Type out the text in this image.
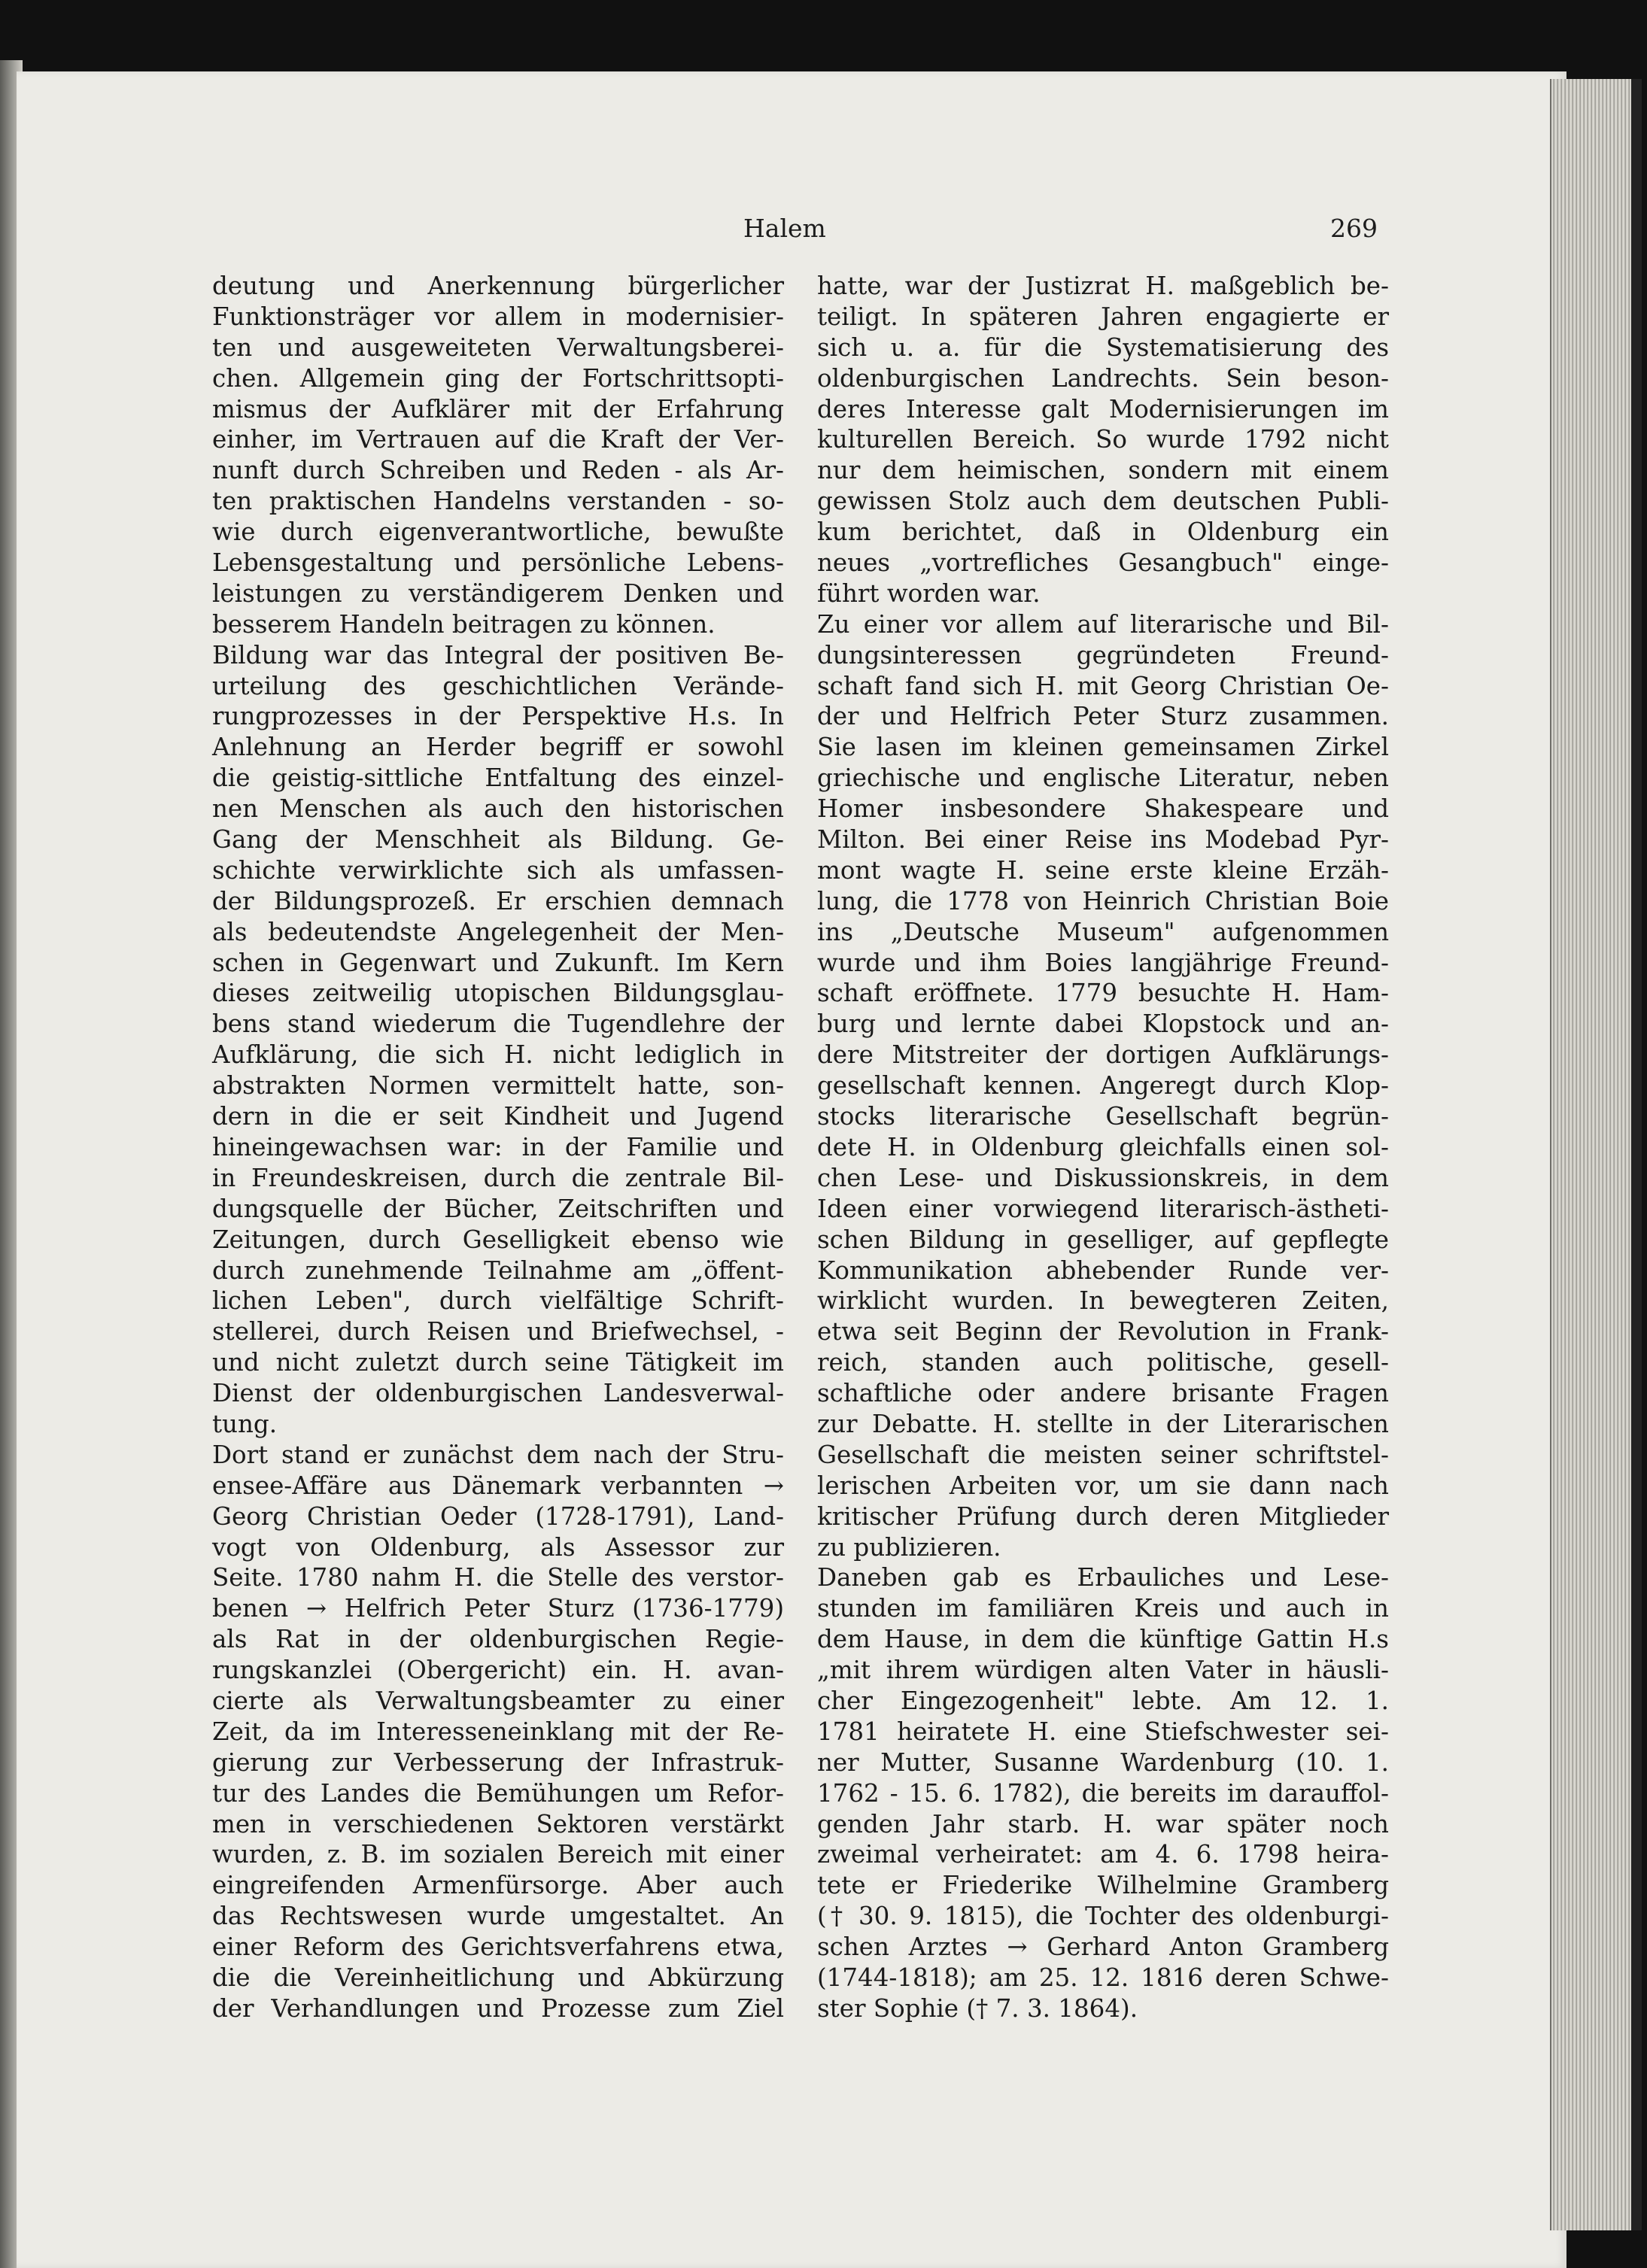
Halem	269
deutung und Anerkennung bürgerlicher
Funktionsträger vor allem in modernisier-
ten und ausgeweiteten Verwaltungsberei-
chen. Allgemein ging der Fortschrittsopti-
mismus der Aufklärer mit der Erfahrung
einher, im Vertrauen auf die Kraft der Ver-
nunft durch Schreiben und Reden - als Ar-
ten praktischen Handelns verstanden - so-
wie durch eigenverantwortliche, bewußte
Lebensgestaltung und persönliche Lebens-
leistungen zu verständigerem Denken und
besserem Handeln beitragen zu können.
Bildung war das Integral der positiven Be-
urteilung des geschichtlichen Verände-
rungprozesses in der Perspektive H.s. In
Anlehnung an Herder begriff er sowohl
die geistig-sittliche Entfaltung des einzel-
nen Menschen als auch den historischen
Gang der Menschheit als Bildung. Ge-
schichte verwirklichte sich als umfassen-
der Bildungsprozeß. Er erschien demnach
als bedeutendste Angelegenheit der Men-
schen in Gegenwart und Zukunft. Im Kern
dieses zeitweilig utopischen Bildungsglau-
bens stand wiederum die Tugendlehre der
Aufklärung, die sich H. nicht lediglich in
abstrakten Normen vermittelt hatte, son-
dern in die er seit Kindheit und Jugend
hineingewachsen war: in der Familie und
in Freundeskreisen, durch die zentrale Bil-
dungsquelle der Bücher, Zeitschriften und
Zeitungen, durch Geselligkeit ebenso wie
durch zunehmende Teilnahme am „öffent-
lichen Leben", durch vielfältige Schrift-
stellerei, durch Reisen und Briefwechsel, -
und nicht zuletzt durch seine Tätigkeit im
Dienst der oldenburgischen Landesverwal-
tung.
Dort stand er zunächst dem nach der Stru-
ensee-Affäre aus Dänemark verbannten →
Georg Christian Oeder (1728-1791), Land-
vogt von Oldenburg, als Assessor zur
Seite. 1780 nahm H. die Stelle des verstor-
benen → Helfrich Peter Sturz (1736-1779)
als Rat in der oldenburgischen Regie-
rungskanzlei (Obergericht) ein. H. avan-
cierte als Verwaltungsbeamter zu einer
Zeit, da im Interesseneinklang mit der Re-
gierung zur Verbesserung der Infrastruk-
tur des Landes die Bemühungen um Refor-
men in verschiedenen Sektoren verstärkt
wurden, z. B. im sozialen Bereich mit einer
eingreifenden Armenfürsorge. Aber auch
das Rechtswesen wurde umgestaltet. An
einer Reform des Gerichtsverfahrens etwa,
die die Vereinheitlichung und Abkürzung
der Verhandlungen und Prozesse zum Ziel
hatte, war der Justizrat H. maßgeblich be-
teiligt. In späteren Jahren engagierte er
sich u. a. für die Systematisierung des
oldenburgischen Landrechts. Sein beson-
deres Interesse galt Modernisierungen im
kulturellen Bereich. So wurde 1792 nicht
nur dem heimischen, sondern mit einem
gewissen Stolz auch dem deutschen Publi-
kum berichtet, daß in Oldenburg ein
neues „vortrefliches Gesangbuch" einge-
führt worden war.
Zu einer vor allem auf literarische und Bil-
dungsinteressen gegründeten Freund-
schaft fand sich H. mit Georg Christian Oe-
der und Helfrich Peter Sturz zusammen.
Sie lasen im kleinen gemeinsamen Zirkel
griechische und englische Literatur, neben
Homer insbesondere Shakespeare und
Milton. Bei einer Reise ins Modebad Pyr-
mont wagte H. seine erste kleine Erzäh-
lung, die 1778 von Heinrich Christian Boie
ins „Deutsche Museum" aufgenommen
wurde und ihm Boies langjährige Freund-
schaft eröffnete. 1779 besuchte H. Ham-
burg und lernte dabei Klopstock und an-
dere Mitstreiter der dortigen Aufklärungs-
gesellschaft kennen. Angeregt durch Klop-
stocks literarische Gesellschaft begrün-
dete H. in Oldenburg gleichfalls einen sol-
chen Lese- und Diskussionskreis, in dem
Ideen einer vorwiegend literarisch-ästheti-
schen Bildung in geselliger, auf gepflegte
Kommunikation abhebender Runde ver-
wirklicht wurden. In bewegteren Zeiten,
etwa seit Beginn der Revolution in Frank-
reich, standen auch politische, gesell-
schaftliche oder andere brisante Fragen
zur Debatte. H. stellte in der Literarischen
Gesellschaft die meisten seiner schriftstel-
lerischen Arbeiten vor, um sie dann nach
kritischer Prüfung durch deren Mitglieder
zu publizieren.
Daneben gab es Erbauliches und Lese-
stunden im familiären Kreis und auch in
dem Hause, in dem die künftige Gattin H.s
„mit ihrem würdigen alten Vater in häusli-
cher Eingezogenheit" lebte. Am 12. 1.
1781 heiratete H. eine Stiefschwester sei-
ner Mutter, Susanne Wardenburg (10. 1.
1762 - 15. 6. 1782), die bereits im darauffol-
genden Jahr starb. H. war später noch
zweimal verheiratet: am 4. 6. 1798 heira-
tete er Friederike Wilhelmine Gramberg
(† 30. 9. 1815), die Tochter des oldenburgi-
schen Arztes → Gerhard Anton Gramberg
(1744-1818); am 25. 12. 1816 deren Schwe-
ster Sophie († 7. 3. 1864).
